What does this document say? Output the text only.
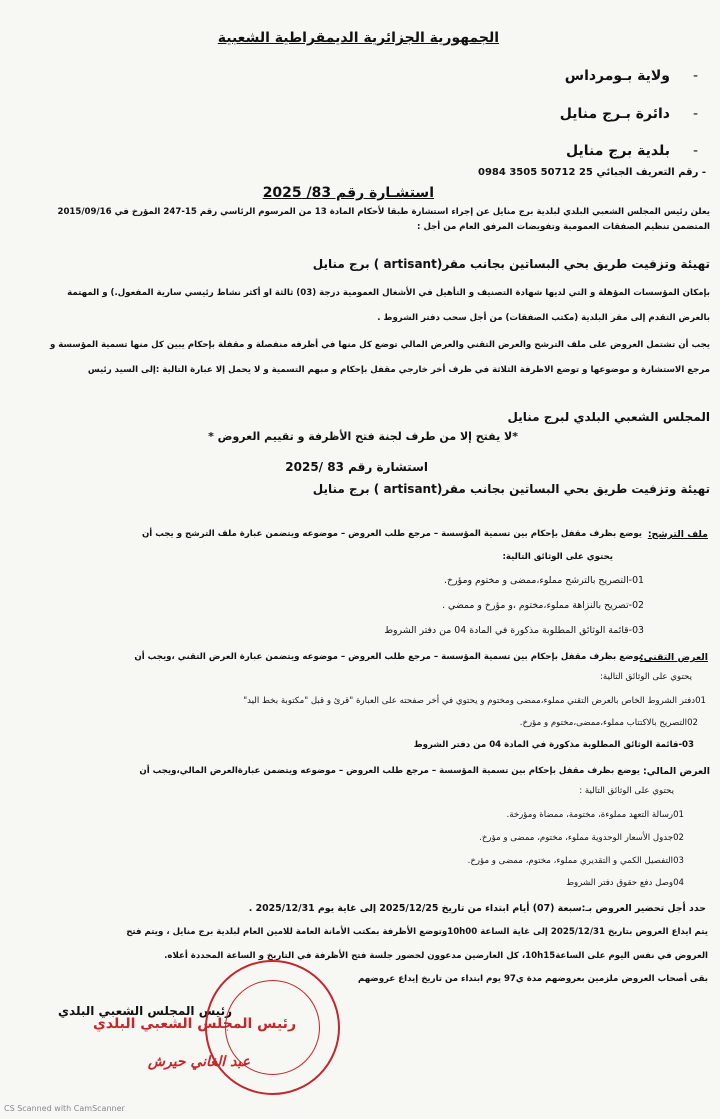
الجمهورية الجزائرية الديمقراطية الشعبية
-
ولاية بـومرداس
-
دائرة بـرج منايل
-
بلدية برج منايل
- رقم التعريف الجبائي 25 50712 3505 0984
استشـارة رقم 83/ 2025
يعلن رئيس المجلس الشعبي البلدي لبلدية برج منايل عن إجراء استشارة طبقا لأحكام المادة 13 من المرسوم الرئاسي رقم 15-247 المؤرخ في 2015/09/16
المتضمن تنظيم الصفقات العمومية وتفويضات المرفق العام من أجل :
تهيئة وتزفيت طريق بحي البساتين بجانب مقر(artisant ) برج منايل
بإمكان المؤسسات المؤهلة و التي لديها شهادة التصنيف و التأهيل في الأشغال العمومية درجة (03) ثالثة او أكثر نشاط رئيسي سارية المفعول.) و المهتمة
بالعرض التقدم إلى مقر البلدية (مكتب الصفقات) من أجل سحب دفتر الشروط .
يجب أن تشتمل العروض على ملف الترشح والعرض التقني والعرض المالي توضع كل منها في أظرفه منفصلة و مقفلة بإحكام يبين كل منها تسمية المؤسسة و
مرجع الاستشارة و موضوعها و توضع الاظرفة الثلاثة في ظرف أخر خارجي مقفل بإحكام و مبهم التسمية و لا يحمل إلا عبارة التالية :إلى السيد رئيس
المجلس الشعبي البلدي لبرج منايل
*لا يفتح إلا من طرف لجنة فتح الأظرفة و تقييم العروض *
استشارة رقم 83 /2025
تهيئة وتزفيت طريق بحي البساتين بجانب مقر(artisant ) برج منايل
ملف الترشح:
يوضع بظرف مقفل بإحكام بين تسمية المؤسسة – مرجع طلب العروض – موضوعه ويتضمن عبارة ملف الترشح و يجب أن
يحتوي على الوثائق التالية:
01-التصريح بالترشح مملوء،ممضى و مختوم ومؤرخ.
02-تصريح بالنزاهة مملوء،مختوم ،و مؤرخ و ممضي .
03-قائمة الوثائق المطلوبة مذكورة في المادة 04 من دفتر الشروط
العرض التقني:
يوضع بظرف مقفل بإحكام بين تسمية المؤسسة – مرجع طلب العروض – موضوعه ويتضمن عبارة العرض التقني ،ويجب أن
يحتوي على الوثائق التالية:
01دفتر الشروط الخاص بالعرض التقني مملوء،ممضى ومختوم و يحتوي في أخر صفحته على العبارة "قرئ و قبل "مكتوبة بخط اليد"
02التصريح بالاكتتاب مملوء،ممضى،مختوم و مؤرخ.
03-قائمة الوثائق المطلوبة مذكورة في المادة 04 من دفتر الشروط
العرض المالي:
يوضع بظرف مقفل بإحكام بين تسمية المؤسسة – مرجع طلب العروض – موضوعه ويتضمن عبارةالعرض المالي،ويجب أن
يحتوي على الوثائق التالية :
01رسالة التعهد مملوءة، مختومة، ممضاة ومؤرخة.
02جدول الأسعار الوحدوية مملوء، مختوم، ممضى و مؤرخ.
03التفصيل الكمي و التقديري مملوء، مختوم، ممضى و مؤرخ.
04وصل دفع حقوق دفتر الشروط
حدد أجل تحضير العروض بـ:سبعة (07) أيام ابتداء من تاريخ 2025/12/25 إلى غاية يوم 2025/12/31 .
يتم ايداع العروض بتاريخ 2025/12/31 إلى غاية الساعة 10h00وتوضع الأظرفة بمكتب الأمانة العامة للامين العام لبلدية برج منايل ، ويتم فتح
العروض في نفس اليوم على الساعة10h15، كل العارضين مدعوون لحضور جلسة فتح الأظرفة في التاريخ و الساعة المحددة أعلاه.
بقى أصحاب العروض ملزمين بعروضهم مدة ي97 يوم ابتداء من تاريخ إيداع عروضهم
رئيس المجلس الشعبي البلدي
رئيس المجلس الشعبي البلدي
عبد الغاني حيرش
CS Scanned with CamScanner
